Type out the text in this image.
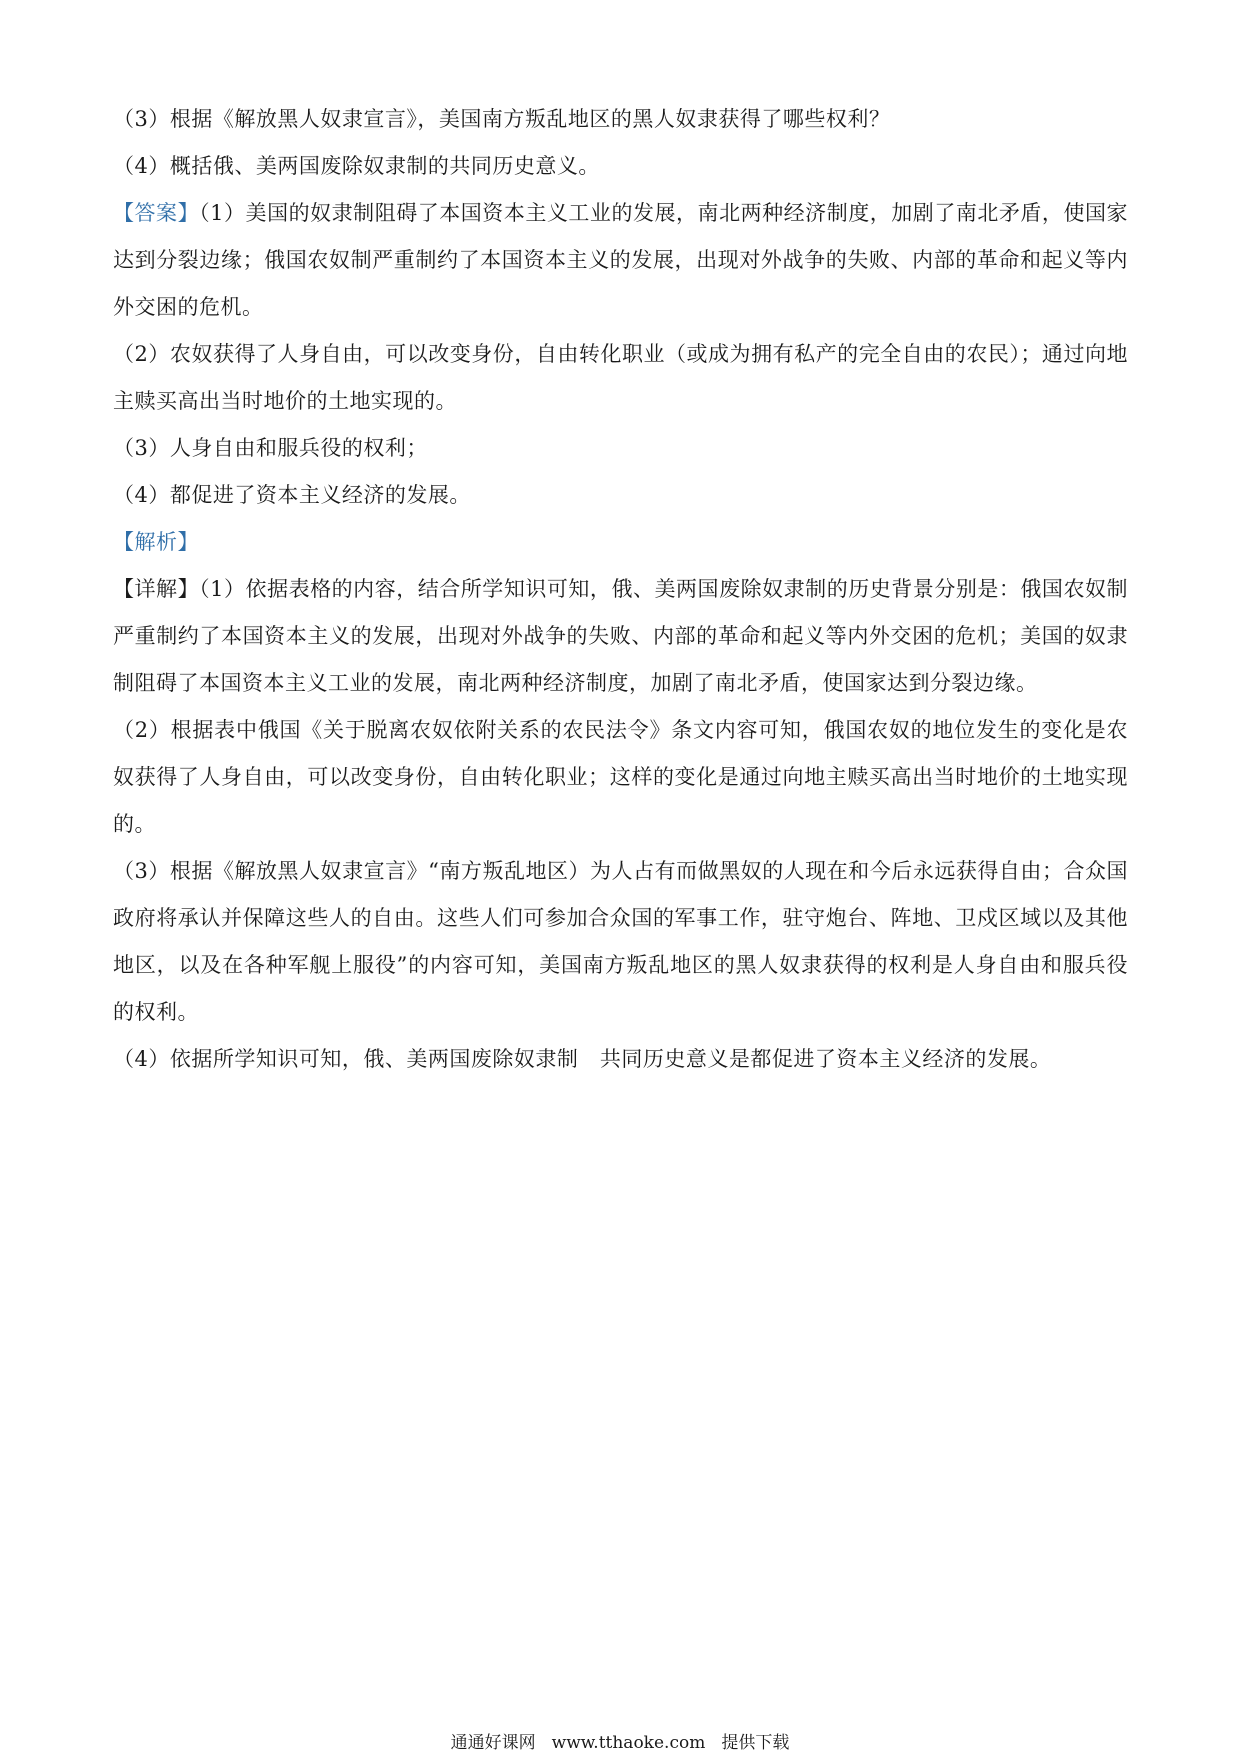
（3）根据《解放黑人奴隶宣言》，美国南方叛乱地区的黑人奴隶获得了哪些权利？

（4）概括俄、美两国废除奴隶制的共同历史意义。

【答案】（1）美国的奴隶制阻碍了本国资本主义工业的发展，南北两种经济制度，加剧了南北矛盾，使国家达到分裂边缘；俄国农奴制严重制约了本国资本主义的发展，出现对外战争的失败、内部的革命和起义等内外交困的危机。

（2）农奴获得了人身自由，可以改变身份，自由转化职业（或成为拥有私产的完全自由的农民）；通过向地主赎买高出当时地价的土地实现的。

（3）人身自由和服兵役的权利；

（4）都促进了资本主义经济的发展。

【解析】

【详解】（1）依据表格的内容，结合所学知识可知，俄、美两国废除奴隶制的历史背景分别是：俄国农奴制严重制约了本国资本主义的发展，出现对外战争的失败、内部的革命和起义等内外交困的危机；美国的奴隶制阻碍了本国资本主义工业的发展，南北两种经济制度，加剧了南北矛盾，使国家达到分裂边缘。

（2）根据表中俄国《关于脱离农奴依附关系的农民法令》条文内容可知，俄国农奴的地位发生的变化是农奴获得了人身自由，可以改变身份，自由转化职业；这样的变化是通过向地主赎买高出当时地价的土地实现的。

（3）根据《解放黑人奴隶宣言》“南方叛乱地区）为人占有而做黑奴的人现在和今后永远获得自由；合众国政府将承认并保障这些人的自由。这些人们可参加合众国的军事工作，驻守炮台、阵地、卫戍区域以及其他地区，以及在各种军舰上服役”的内容可知，美国南方叛乱地区的黑人奴隶获得的权利是人身自由和服兵役的权利。

（4）依据所学知识可知，俄、美两国废除奴隶制　共同历史意义是都促进了资本主义经济的发展。

通通好课网 www.tthaoke.com 提供下载
